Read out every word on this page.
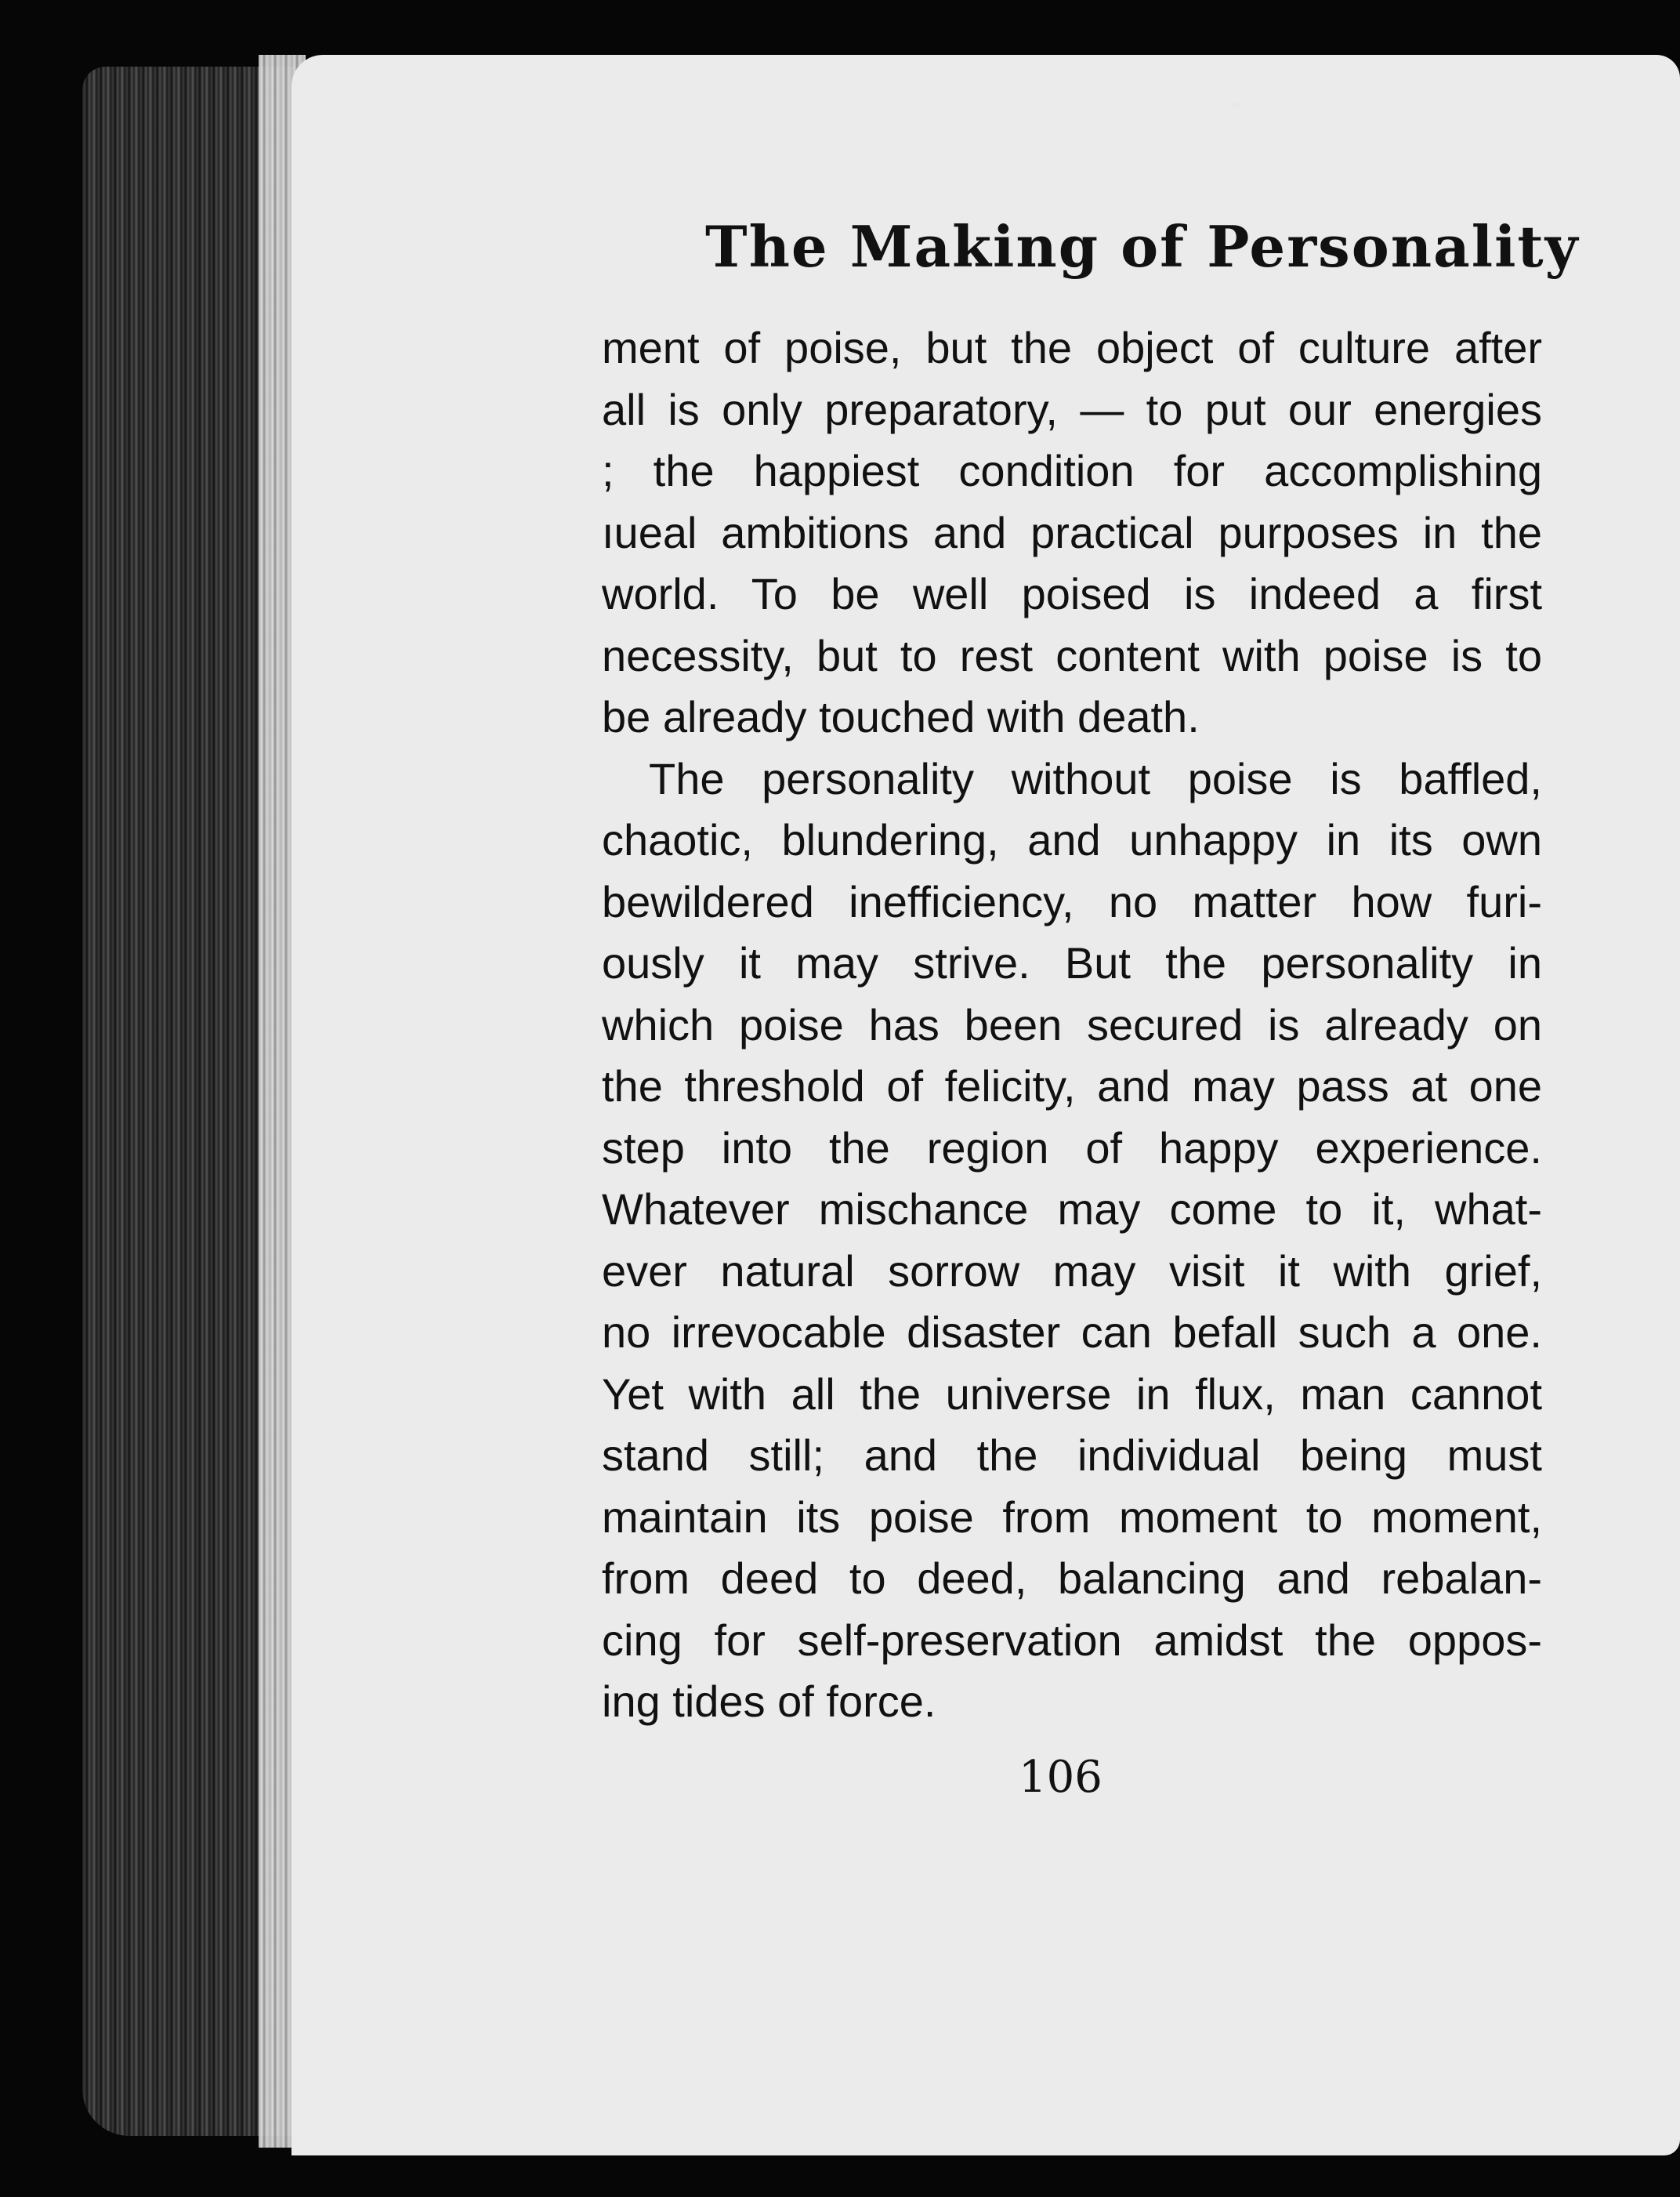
The Making of Personality
ment of poise, but the object of culture after
all is only preparatory, — to put our energies
; the happiest condition for accomplishing
ıueal ambitions and practical purposes in the
world. To be well poised is indeed a first
necessity, but to rest content with poise is to
be already touched with death.
The personality without poise is baffled,
chaotic, blundering, and unhappy in its own
bewildered inefficiency, no matter how furi-
ously it may strive. But the personality in
which poise has been secured is already on
the threshold of felicity, and may pass at one
step into the region of happy experience.
Whatever mischance may come to it, what-
ever natural sorrow may visit it with grief,
no irrevocable disaster can befall such a one.
Yet with all the universe in flux, man cannot
stand still; and the individual being must
maintain its poise from moment to moment,
from deed to deed, balancing and rebalan-
cing for self-preservation amidst the oppos-
ing tides of force.
106
